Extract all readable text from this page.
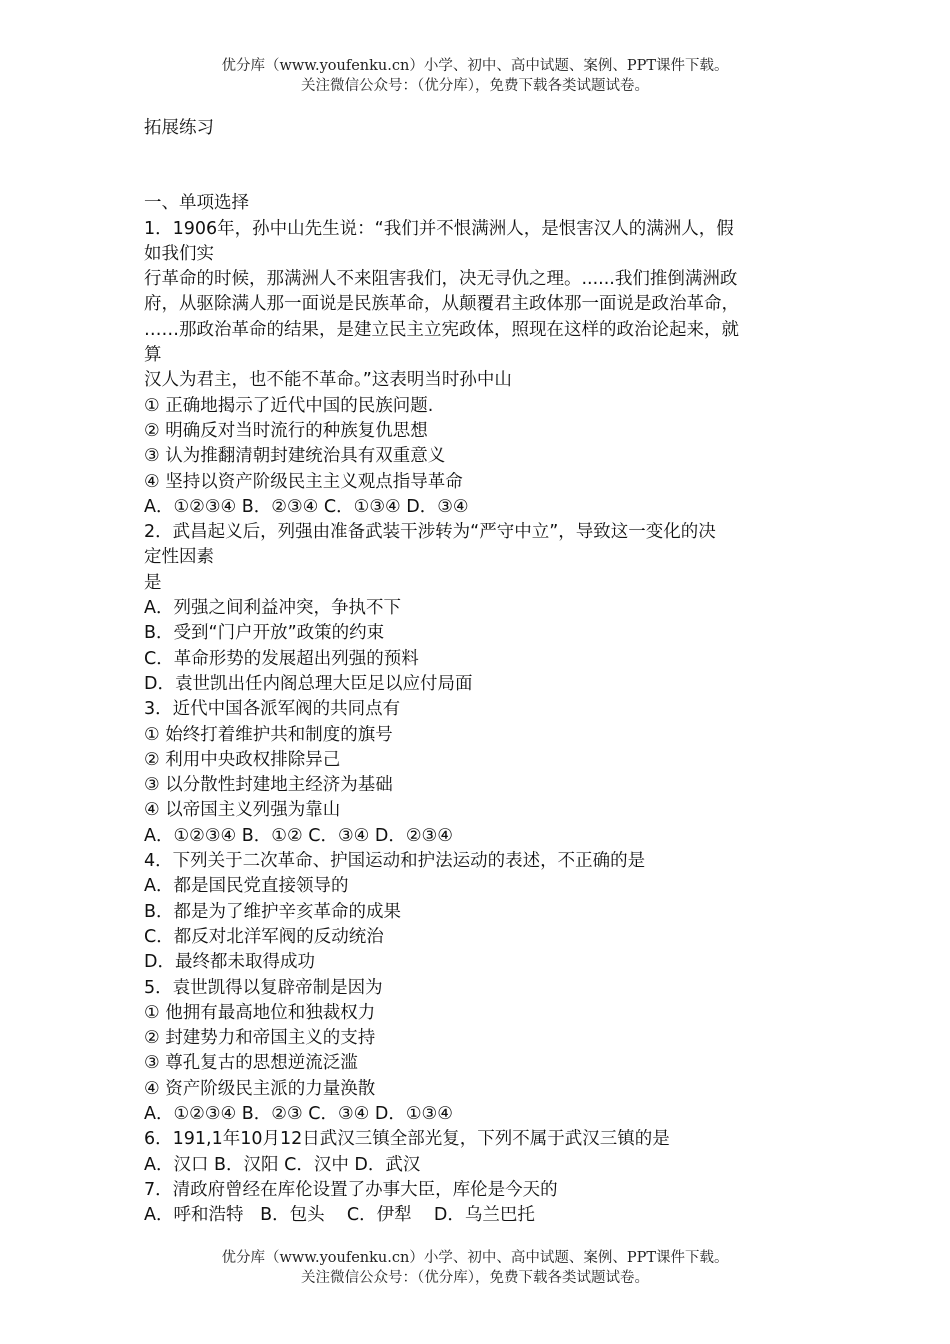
优分库（www.youfenku.cn）小学、初中、高中试题、案例、PPT课件下载。
关注微信公众号：（优分库），免费下载各类试题试卷。
拓展练习
一、单项选择
1．1906年，孙中山先生说：“我们并不恨满洲人，是恨害汉人的满洲人，假
如我们实
行革命的时候，那满洲人不来阻害我们，决无寻仇之理。......我们推倒满洲政
府，从驱除满人那一面说是民族革命，从颠覆君主政体那一面说是政治革命，
……那政治革命的结果，是建立民主立宪政体，照现在这样的政治论起来，就
算
汉人为君主，也不能不革命。”这表明当时孙中山
① 正确地揭示了近代中国的民族问题.
② 明确反对当时流行的种族复仇思想
③ 认为推翻清朝封建统治具有双重意义
④ 坚持以资产阶级民主主义观点指导革命
A．①②③④ B．②③④ C．①③④ D．③④
2．武昌起义后，列强由准备武装干涉转为“严守中立”，导致这一变化的决
定性因素
是
A．列强之间利益冲突，争执不下
B．受到“门户开放”政策的约束
C．革命形势的发展超出列强的预料
D．袁世凯出任内阁总理大臣足以应付局面
3．近代中国各派军阀的共同点有
① 始终打着维护共和制度的旗号
② 利用中央政权排除异己
③ 以分散性封建地主经济为基础
④ 以帝国主义列强为靠山
A．①②③④ B．①② C．③④ D．②③④
4．下列关于二次革命、护国运动和护法运动的表述，不正确的是
A．都是国民党直接领导的
B．都是为了维护辛亥革命的成果
C．都反对北洋军阀的反动统治
D．最终都未取得成功
5．袁世凯得以复辟帝制是因为
① 他拥有最高地位和独裁权力
② 封建势力和帝国主义的支持
③ 尊孔复古的思想逆流泛滥
④ 资产阶级民主派的力量涣散
A．①②③④ B．②③ C．③④ D．①③④
6．191,1年10月12日武汉三镇全部光复，下列不属于武汉三镇的是
A．汉口 B．汉阳 C．汉中 D．武汉
7．清政府曾经在库伦设置了办事大臣，库伦是今天的
A．呼和浩特   B．包头    C．伊犁    D．乌兰巴托
优分库（www.youfenku.cn）小学、初中、高中试题、案例、PPT课件下载。
关注微信公众号：（优分库），免费下载各类试题试卷。
